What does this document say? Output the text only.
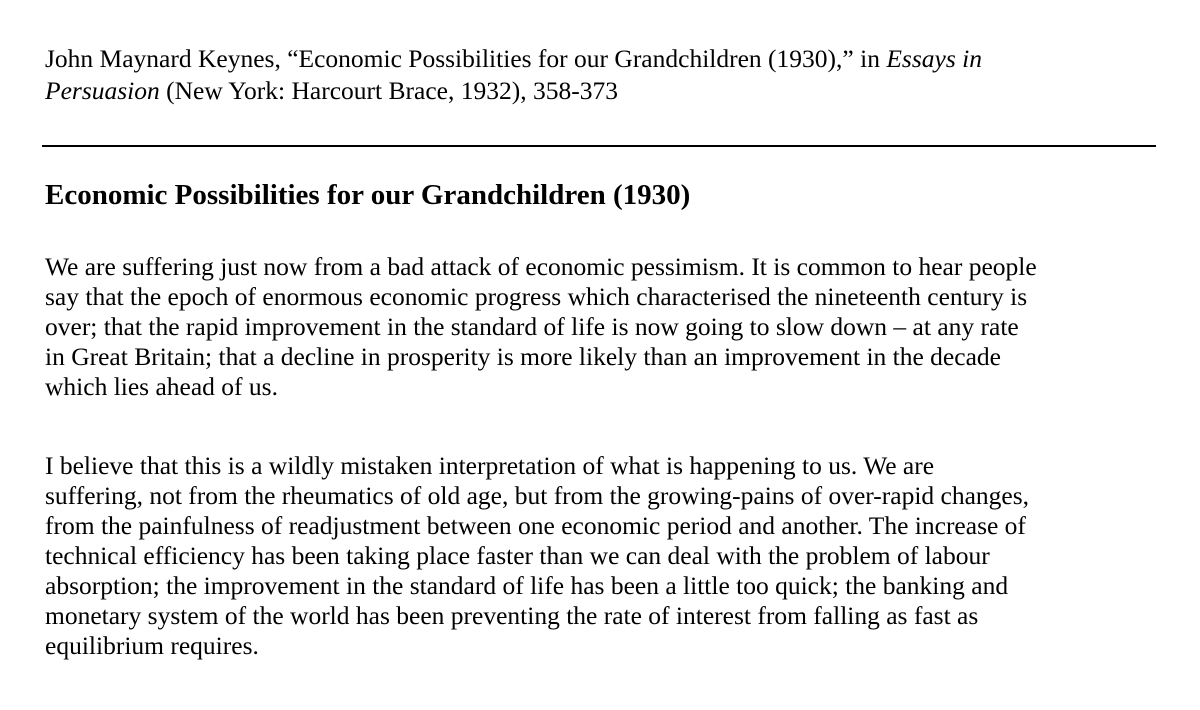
John Maynard Keynes, “Economic Possibilities for our Grandchildren (1930),” in Essays in
Persuasion (New York: Harcourt Brace, 1932), 358-373

Economic Possibilities for our Grandchildren (1930)

We are suffering just now from a bad attack of economic pessimism. It is common to hear people
say that the epoch of enormous economic progress which characterised the nineteenth century is
over; that the rapid improvement in the standard of life is now going to slow down – at any rate
in Great Britain; that a decline in prosperity is more likely than an improvement in the decade
which lies ahead of us.

I believe that this is a wildly mistaken interpretation of what is happening to us. We are
suffering, not from the rheumatics of old age, but from the growing-pains of over-rapid changes,
from the painfulness of readjustment between one economic period and another. The increase of
technical efficiency has been taking place faster than we can deal with the problem of labour
absorption; the improvement in the standard of life has been a little too quick; the banking and
monetary system of the world has been preventing the rate of interest from falling as fast as
equilibrium requires.
